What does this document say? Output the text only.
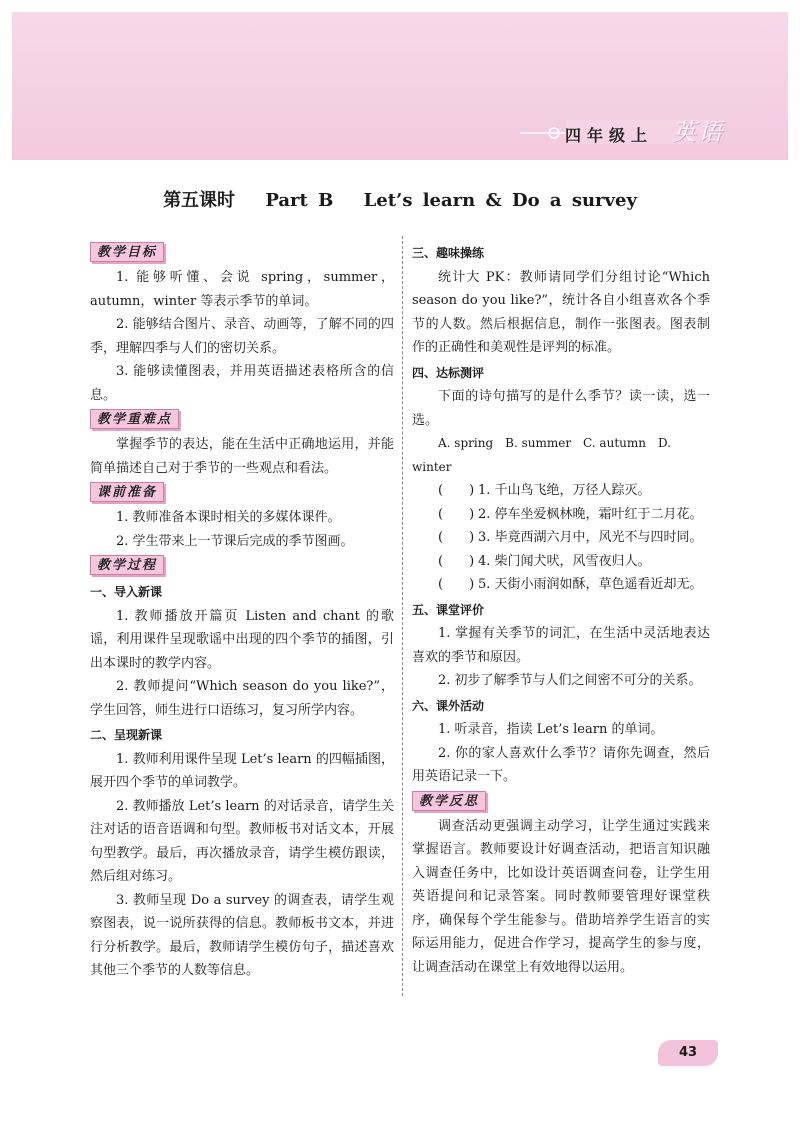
四年级上 英语
第五课时 Part B Let’s learn & Do a survey
教学目标

1. 能够听懂、会说 spring，summer，autumn，winter 等表示季节的单词。

2. 能够结合图片、录音、动画等，了解不同的四季，理解四季与人们的密切关系。

3. 能够读懂图表，并用英语描述表格所含的信息。

教学重难点

掌握季节的表达，能在生活中正确地运用，并能简单描述自己对于季节的一些观点和看法。

课前准备

1. 教师准备本课时相关的多媒体课件。

2. 学生带来上一节课后完成的季节图画。

教学过程
一、导入新课

1. 教师播放开篇页 Listen and chant 的歌谣，利用课件呈现歌谣中出现的四个季节的插图，引出本课时的教学内容。

2. 教师提问“Which season do you like?”，学生回答，师生进行口语练习，复习所学内容。

二、呈现新课

1. 教师利用课件呈现 Let’s learn 的四幅插图，展开四个季节的单词教学。

2. 教师播放 Let’s learn 的对话录音，请学生关注对话的语音语调和句型。教师板书对话文本，开展句型教学。最后，再次播放录音，请学生模仿跟读，然后组对练习。

3. 教师呈现 Do a survey 的调查表，请学生观察图表，说一说所获得的信息。教师板书文本，并进行分析教学。最后，教师请学生模仿句子，描述喜欢其他三个季节的人数等信息。

三、趣味操练

统计大 PK：教师请同学们分组讨论“Which season do you like?”，统计各自小组喜欢各个季节的人数。然后根据信息，制作一张图表。图表制作的正确性和美观性是评判的标准。

四、达标测评

下面的诗句描写的是什么季节？读一读，选一选。

A. spring　B. summer　C. autumn　D. winter

(　　) 1. 千山鸟飞绝，万径人踪灭。
(　　) 2. 停车坐爱枫林晚，霜叶红于二月花。
(　　) 3. 毕竟西湖六月中，风光不与四时同。
(　　) 4. 柴门闻犬吠，风雪夜归人。
(　　) 5. 天街小雨润如酥，草色遥看近却无。
五、课堂评价

1. 掌握有关季节的词汇，在生活中灵活地表达喜欢的季节和原因。

2. 初步了解季节与人们之间密不可分的关系。

六、课外活动

1. 听录音，指读 Let’s learn 的单词。

2. 你的家人喜欢什么季节？请你先调查，然后用英语记录一下。

教学反思

调查活动更强调主动学习，让学生通过实践来掌握语言。教师要设计好调查活动，把语言知识融入调查任务中，比如设计英语调查问卷，让学生用英语提问和记录答案。同时教师要管理好课堂秩序，确保每个学生能参与。借助培养学生语言的实际运用能力，促进合作学习，提高学生的参与度，让调查活动在课堂上有效地得以运用。

43
